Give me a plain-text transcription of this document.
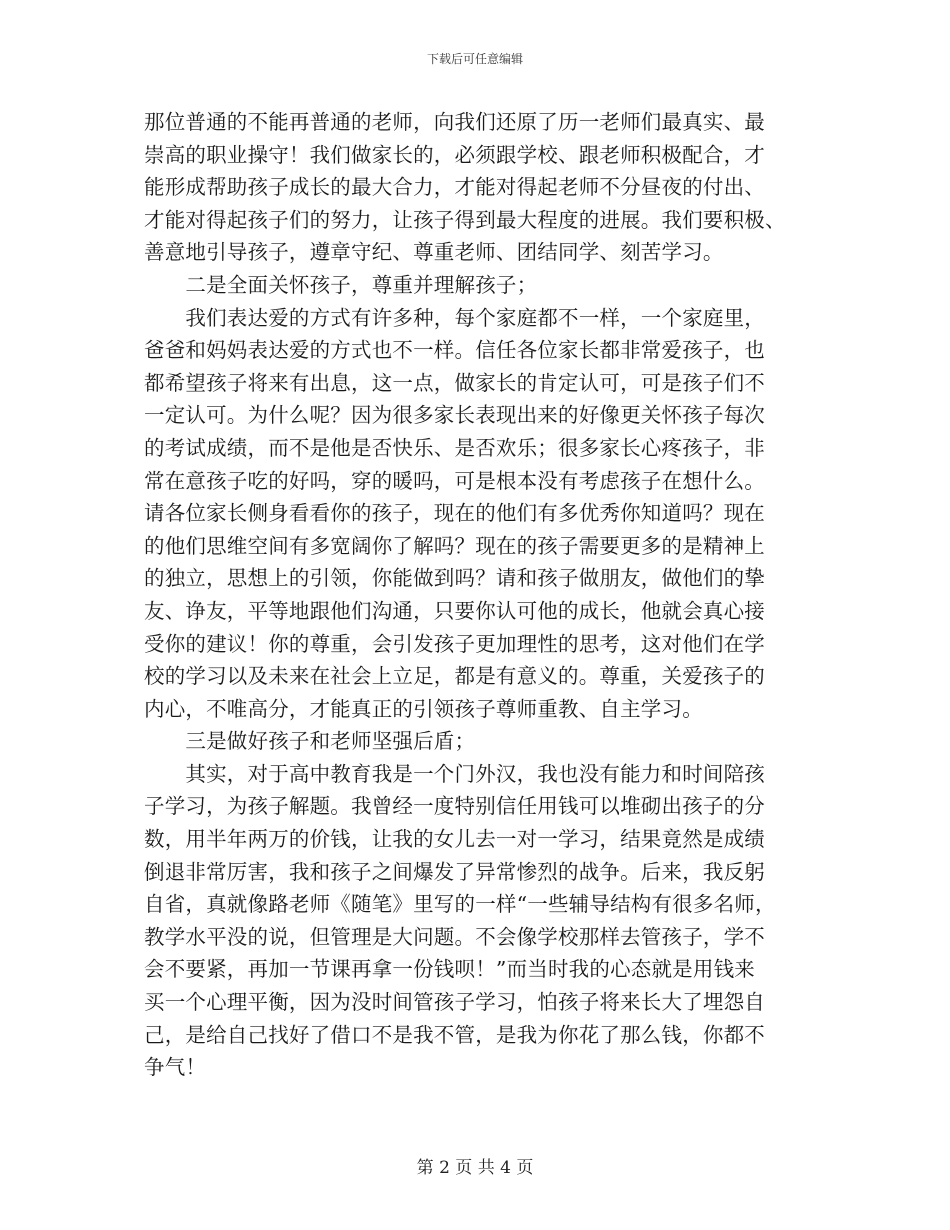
下载后可任意编辑
那位普通的不能再普通的老师，向我们还原了历一老师们最真实、最
崇高的职业操守！我们做家长的，必须跟学校、跟老师积极配合，才
能形成帮助孩子成长的最大合力，才能对得起老师不分昼夜的付出、
才能对得起孩子们的努力，让孩子得到最大程度的进展。我们要积极、
善意地引导孩子，遵章守纪、尊重老师、团结同学、刻苦学习。
　　二是全面关怀孩子，尊重并理解孩子；
　　我们表达爱的方式有许多种，每个家庭都不一样，一个家庭里，
爸爸和妈妈表达爱的方式也不一样。信任各位家长都非常爱孩子，也
都希望孩子将来有出息，这一点，做家长的肯定认可，可是孩子们不
一定认可。为什么呢？因为很多家长表现出来的好像更关怀孩子每次
的考试成绩，而不是他是否快乐、是否欢乐；很多家长心疼孩子，非
常在意孩子吃的好吗，穿的暖吗，可是根本没有考虑孩子在想什么。
请各位家长侧身看看你的孩子，现在的他们有多优秀你知道吗？现在
的他们思维空间有多宽阔你了解吗？现在的孩子需要更多的是精神上
的独立，思想上的引领，你能做到吗？请和孩子做朋友，做他们的挚
友、诤友，平等地跟他们沟通，只要你认可他的成长，他就会真心接
受你的建议！你的尊重，会引发孩子更加理性的思考，这对他们在学
校的学习以及未来在社会上立足，都是有意义的。尊重，关爱孩子的
内心，不唯高分，才能真正的引领孩子尊师重教、自主学习。
　　三是做好孩子和老师坚强后盾；
　　其实，对于高中教育我是一个门外汉，我也没有能力和时间陪孩
子学习，为孩子解题。我曾经一度特别信任用钱可以堆砌出孩子的分
数，用半年两万的价钱，让我的女儿去一对一学习，结果竟然是成绩
倒退非常厉害，我和孩子之间爆发了异常惨烈的战争。后来，我反躬
自省，真就像路老师《随笔》里写的一样“一些辅导结构有很多名师，
教学水平没的说，但管理是大问题。不会像学校那样去管孩子，学不
会不要紧，再加一节课再拿一份钱呗！”而当时我的心态就是用钱来
买一个心理平衡，因为没时间管孩子学习，怕孩子将来长大了埋怨自
己，是给自己找好了借口不是我不管，是我为你花了那么钱，你都不
争气！
第 2 页 共 4 页
